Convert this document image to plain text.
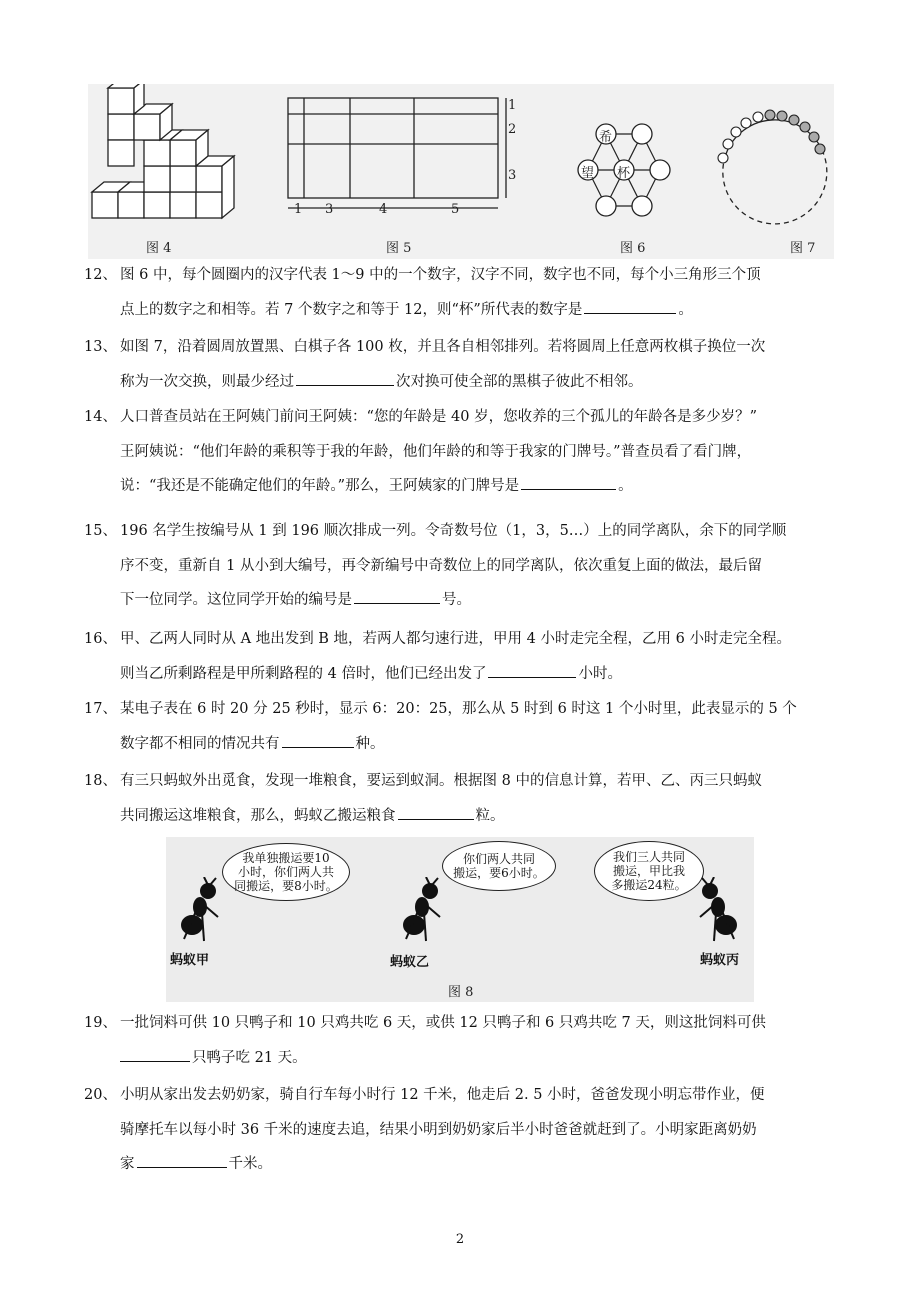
图 4
1 3	4	5
1
2
3
图 5
希
望 杯
图 6	图 7
12、 图 6 中，每个圆圈内的汉字代表 1～9 中的一个数字，汉字不同，数字也不同，每个小三角形三个顶
点上的数字之和相等。若 7 个数字之和等于 12，则“杯”所代表的数字是	。
13、 如图 7，沿着圆周放置黑、白棋子各 100 枚，并且各自相邻排列。若将圆周上任意两枚棋子换位一次
称为一次交换，则最少经过	次对换可使全部的黑棋子彼此不相邻。
14、 人口普查员站在王阿姨门前问王阿姨：“您的年龄是 40 岁，您收养的三个孤儿的年龄各是多少岁？”
王阿姨说：“他们年龄的乘积等于我的年龄，他们年龄的和等于我家的门牌号。”普查员看了看门牌，
说：“我还是不能确定他们的年龄。”那么，王阿姨家的门牌号是	。
15、 196 名学生按编号从 1 到 196 顺次排成一列。令奇数号位（1，3，5…）上的同学离队，余下的同学顺
序不变，重新自 1 从小到大编号，再令新编号中奇数位上的同学离队，依次重复上面的做法，最后留
下一位同学。这位同学开始的编号是	号。
16、 甲、乙两人同时从 A 地出发到 B 地，若两人都匀速行进，甲用 4 小时走完全程，乙用 6 小时走完全程。
则当乙所剩路程是甲所剩路程的 4 倍时，他们已经出发了	小时。
17、 某电子表在 6 时 20 分 25 秒时，显示 6：20：25，那么从 5 时到 6 时这 1 个小时里，此表显示的 5 个
数字都不相同的情况共有	种。
18、 有三只蚂蚁外出觅食，发现一堆粮食，要运到蚁洞。根据图 8 中的信息计算，若甲、乙、丙三只蚂蚁
共同搬运这堆粮食，那么，蚂蚁乙搬运粮食	粒。
我单独搬运要10
小时，你们两人共
同搬运，要8小时。
你们两人共同
搬运，要6小时。
我们三人共同
搬运，甲比我
多搬运24粒。
蚂蚁甲	蚂蚁乙	蚂蚁丙
图 8
19、 一批饲料可供 10 只鸭子和 10 只鸡共吃 6 天，或供 12 只鸭子和 6 只鸡共吃 7 天，则这批饲料可供
只鸭子吃 21 天。
20、 小明从家出发去奶奶家，骑自行车每小时行 12 千米，他走后 2. 5 小时，爸爸发现小明忘带作业，便
骑摩托车以每小时 36 千米的速度去追，结果小明到奶奶家后半小时爸爸就赶到了。小明家距离奶奶
家	千米。
2
